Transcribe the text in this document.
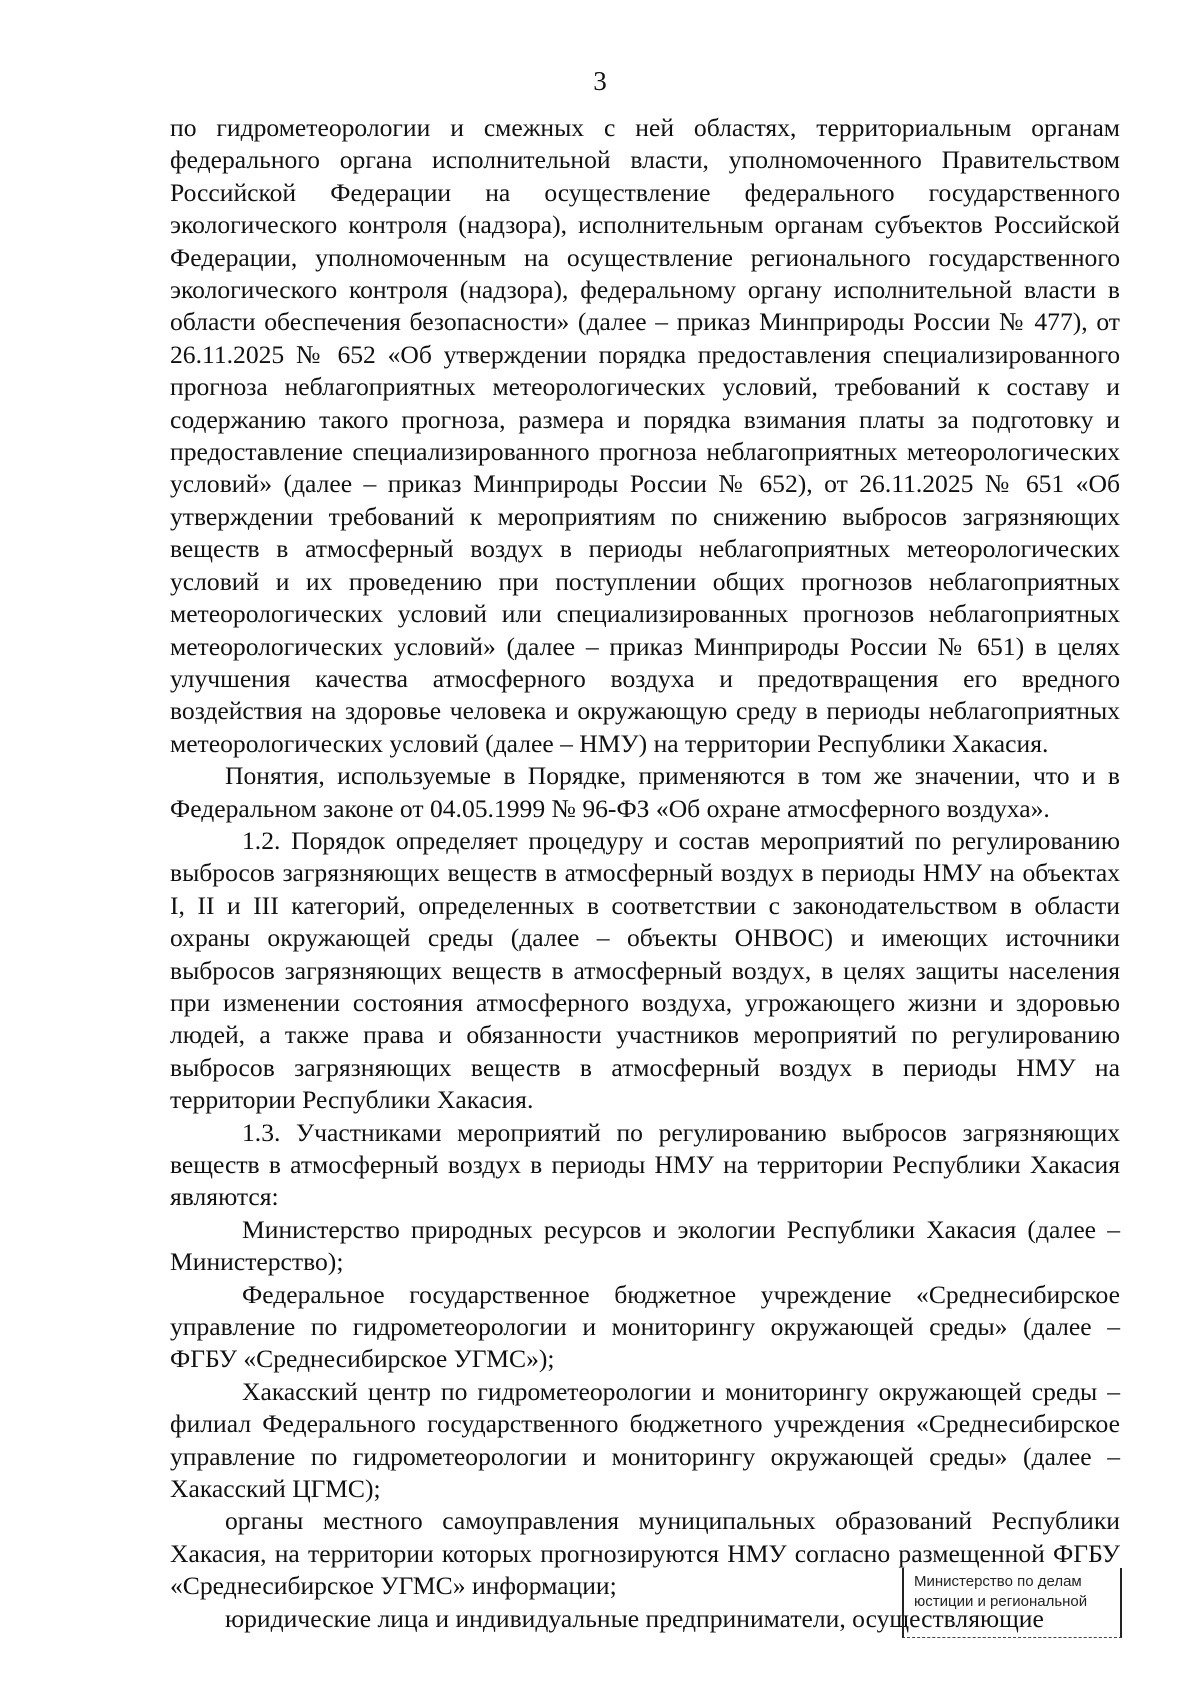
3

по гидрометеорологии и смежных с ней областях, территориальным органам федерального органа исполнительной власти, уполномоченного Правительством Российской Федерации на осуществление федерального государственного экологического контроля (надзора), исполнительным органам субъектов Российской Федерации, уполномоченным на осуществление регионального государственного экологического контроля (надзора), федеральному органу исполнительной власти в области обеспечения безопасности» (далее – приказ Минприроды России № 477), от 26.11.2025 № 652 «Об утверждении порядка предоставления специализированного прогноза неблагоприятных метеорологических условий, требований к составу и содержанию такого прогноза, размера и порядка взимания платы за подготовку и предоставление специализированного прогноза неблагоприятных метеорологических условий» (далее – приказ Минприроды России № 652), от 26.11.2025 № 651 «Об утверждении требований к мероприятиям по снижению выбросов загрязняющих веществ в атмосферный воздух в периоды неблагоприятных метеорологических условий и их проведению при поступлении общих прогнозов неблагоприятных метеорологических условий или специализированных прогнозов неблагоприятных метеорологических условий» (далее – приказ Минприроды России № 651) в целях улучшения качества атмосферного воздуха и предотвращения его вредного воздействия на здоровье человека и окружающую среду в периоды неблагоприятных метеорологических условий (далее – НМУ) на территории Республики Хакасия.

Понятия, используемые в Порядке, применяются в том же значении, что и в Федеральном законе от 04.05.1999 № 96-ФЗ «Об охране атмосферного воздуха».

1.2. Порядок определяет процедуру и состав мероприятий по регулированию выбросов загрязняющих веществ в атмосферный воздух в периоды НМУ на объектах I, II и III категорий, определенных в соответствии с законодательством в области охраны окружающей среды (далее – объекты ОНВОС) и имеющих источники выбросов загрязняющих веществ в атмосферный воздух, в целях защиты населения при изменении состояния атмосферного воздуха, угрожающего жизни и здоровью людей, а также права и обязанности участников мероприятий по регулированию выбросов загрязняющих веществ в атмосферный воздух в периоды НМУ на территории Республики Хакасия.

1.3. Участниками мероприятий по регулированию выбросов загрязняющих веществ в атмосферный воздух в периоды НМУ на территории Республики Хакасия являются:

Министерство природных ресурсов и экологии Республики Хакасия (далее – Министерство);

Федеральное государственное бюджетное учреждение «Среднесибирское управление по гидрометеорологии и мониторингу окружающей среды» (далее – ФГБУ «Среднесибирское УГМС»);

Хакасский центр по гидрометеорологии и мониторингу окружающей среды – филиал Федерального государственного бюджетного учреждения «Среднесибирское управление по гидрометеорологии и мониторингу окружающей среды» (далее – Хакасский ЦГМС);

органы местного самоуправления муниципальных образований Республики Хакасия, на территории которых прогнозируются НМУ согласно размещенной ФГБУ «Среднесибирское УГМС» информации;

юридические лица и индивидуальные предприниматели, осуществляющие

Министерство по делам
юстиции и региональной
